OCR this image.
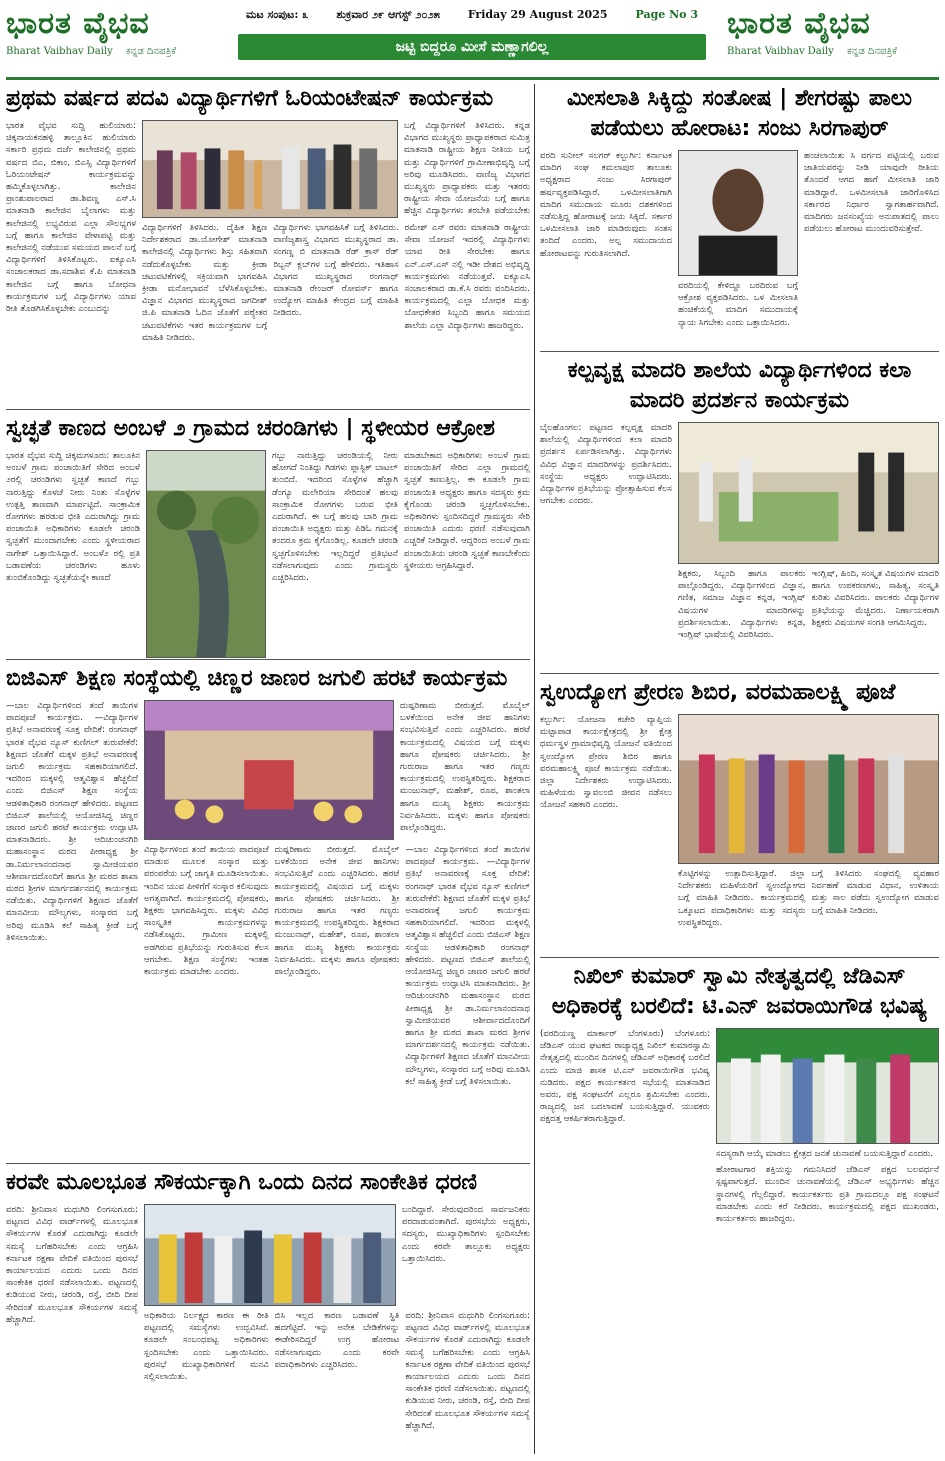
ಭಾರತ ವೈಭವ
Bharat Vaibhav Daily ಕನ್ನಡ ದಿನಪತ್ರಿಕೆ
ಮಟ ಸಂಪುಟ: ೩	ಶುಕ್ರವಾರ ೨೯ ಆಗಸ್ಟ್ ೨೦೨೫	Friday 29 August 2025	Page No 3
ಜಟ್ಟಿ ಬಿದ್ದರೂ ಮೀಸೆ ಮಣ್ಣಾಗಲಿಲ್ಲ
ಭಾರತ ವೈಭವ
Bharat Vaibhav Daily ಕನ್ನಡ ದಿನಪತ್ರಿಕೆ
ಪ್ರಥಮ ವರ್ಷದ ಪದವಿ ವಿದ್ಯಾರ್ಥಿಗಳಿಗೆ ಓರಿಯಂಟೇಷನ್ ಕಾರ್ಯಕ್ರಮ
ಭಾರತ ವೈಭವ ಸುದ್ದಿ ಹುಲಿಯಾರು: ಚಿಕ್ಕನಾಯಕನಹಳ್ಳಿ ತಾಲ್ಲೂಕಿನ ಹುಲಿಯಾರು ಸರ್ಕಾರಿ ಪ್ರಥಮ ದರ್ಜೆ ಕಾಲೇಜಿನಲ್ಲಿ ಪ್ರಥಮ ವರ್ಷದ ಬಿಎ, ಬಿಕಾಂ, ಬಿಎಸ್ಸಿ ವಿದ್ಯಾರ್ಥಿಗಳಿಗೆ ಓರಿಯಂಟೇಷನ್ ಕಾರ್ಯಕ್ರಮವನ್ನು ಹಮ್ಮಿಕೊಳ್ಳಲಾಗಿತ್ತು. ಕಾಲೇಜಿನ ಪ್ರಾಂಶುಪಾಲರಾದ ಡಾ.ಶಿವಣ್ಣ ಎಸ್.ಸಿ ಮಾತನಾಡಿ ಕಾಲೇಜಿನ ಬೈಲಾಗಳು ಮತ್ತು ಕಾಲೇಜಿನಲ್ಲಿ ಲಭ್ಯವಿರುವ ಎಲ್ಲಾ ಸೌಲಭ್ಯಗಳ ಬಗ್ಗೆ ಹಾಗೂ ಕಾಲೇಜಿನ ವೇಳಾಪಟ್ಟಿ ಮತ್ತು ಕಾಲೇಜಿನಲ್ಲಿ ನಡೆಯುವ ಸಮಯದ ಪಾಲನೆ ಬಗ್ಗೆ ವಿದ್ಯಾರ್ಥಿಗಳಿಗೆ ತಿಳಿಸಿಕೊಟ್ಟರು. ಐಕ್ಯೂಎಸಿ ಸಂಚಾಲಕರಾದ ಡಾ.ಸದಾಶಿವ ಕೆ.ಪಿ ಮಾತನಾಡಿ ಕಾಲೇಜಿನ ಬಗ್ಗೆ ಹಾಗೂ ಬೋಧನಾ ಕಾರ್ಯಕ್ರಮಗಳ ಬಗ್ಗೆ ವಿದ್ಯಾರ್ಥಿಗಳು ಯಾವ ರೀತಿ ತೊಡಗಿಸಿಕೊಳ್ಳಬೇಕು ಎಂಬುದನ್ನು
ಬಗ್ಗೆ ವಿದ್ಯಾರ್ಥಿಗಳಿಗೆ ತಿಳಿಸಿದರು. ಕನ್ನಡ ವಿಭಾಗದ ಮುಖ್ಯಸ್ಥರು ಪ್ರಾಧ್ಯಾಪಕರಾದ ಸುಮಿತ್ರ ಮಾತನಾಡಿ ರಾಷ್ಟ್ರೀಯ ಶಿಕ್ಷಣ ನೀತಿಯ ಬಗ್ಗೆ ಮತ್ತು ವಿದ್ಯಾರ್ಥಿಗಳಿಗೆ ಗ್ರಾಮೀಣಾಭಿವೃದ್ಧಿ ಬಗ್ಗೆ ಅರಿವು ಮೂಡಿಸಿದರು. ವಾಣಿಜ್ಯ ವಿಭಾಗದ ಮುಖ್ಯಸ್ಥರು ಪ್ರಾಧ್ಯಾಪಕರು ಮತ್ತು ಇತರರು ರಾಷ್ಟ್ರೀಯ ಸೇವಾ ಯೋಜನೆಯ ಬಗ್ಗೆ ಹಾಗೂ ಹೆಚ್ಚಿನ ವಿದ್ಯಾರ್ಥಿಗಳು ತರಬೇತಿ ಪಡೆಯಬೇಕು
ವಿದ್ಯಾರ್ಥಿಗಳಿಗೆ ತಿಳಿಸಿದರು. ದೈಹಿಕ ಶಿಕ್ಷಣ ನಿರ್ದೇಶಕರಾದ ಡಾ.ಯೋಗೇಶ್ ಮಾತನಾಡಿ ಕಾಲೇಜಿನಲ್ಲಿ ವಿದ್ಯಾರ್ಥಿಗಳು ಶಿಸ್ತು ಸಹಿತವಾಗಿ ನಡೆದುಕೊಳ್ಳಬೇಕು ಮತ್ತು ಕ್ರೀಡಾ ಚಟುವಟಿಕೆಗಳಲ್ಲಿ ಸಕ್ರಿಯವಾಗಿ ಭಾಗವಹಿಸಿ ಕ್ರೀಡಾ ಮನೋಭಾವನೆ ಬೆಳೆಸಿಕೊಳ್ಳಬೇಕು. ವಿಜ್ಞಾನ ವಿಭಾಗದ ಮುಖ್ಯಸ್ಥರಾದ ಜಗದೀಶ್ ಜಿ.ಪಿ ಮಾತನಾಡಿ ಓದಿನ ಜೊತೆಗೆ ಪಠ್ಯೇತರ ಚಟುವಟಿಕೆಗಳು ಇತರ ಕಾರ್ಯಕ್ರಮಗಳ ಬಗ್ಗೆ ಮಾಹಿತಿ ನೀಡಿದರು.
ವಿದ್ಯಾರ್ಥಿಗಳು ಭಾಗವಹಿಸಿಕೆ ಬಗ್ಗೆ ತಿಳಿಸಿದರು. ವಾಣಿಜ್ಯಶಾಸ್ತ್ರ ವಿಭಾಗದ ಮುಖ್ಯಸ್ಥರಾದ ಡಾ. ಸಂಗಣ್ಣ ಬಿ ಮಾತನಾಡಿ ರೆಡ್ ಕ್ರಾಸ್ ರೆಡ್ ರಿಬ್ಬನ್ ಕ್ಲಬ್‌ಗಳ ಬಗ್ಗೆ ಹೇಳಿದರು. ಇತಿಹಾಸ ವಿಭಾಗದ ಮುಖ್ಯಸ್ಥರಾದ ರಂಗನಾಥ್ ಮಾತನಾಡಿ ರೇಂಜರ್ ರೋವರ್ಸ್ ಹಾಗೂ ಉದ್ಯೋಗ ಮಾಹಿತಿ ಕೇಂದ್ರದ ಬಗ್ಗೆ ಮಾಹಿತಿ ನೀಡಿದರು.
ರಮೇಶ್ ಎಸ್ ರವರು ಮಾತನಾಡಿ ರಾಷ್ಟ್ರೀಯ ಸೇವಾ ಯೋಜನೆ ಇದರಲ್ಲಿ ವಿದ್ಯಾರ್ಥಿಗಳು ಯಾವ ರೀತಿ ಸೇರಬೇಕು ಹಾಗೂ ಎನ್.ಎಸ್.ಎಸ್ ನಲ್ಲಿ ಇಡೀ ದೇಶದ ಅಭಿವೃದ್ಧಿ ಕಾರ್ಯಕ್ರಮಗಳು ನಡೆಯುತ್ತವೆ. ಐಕ್ಯೂಎಸಿ ಸಂಚಾಲಕರಾದ ಡಾ.ಕೆ.ಸಿ ರವರು ವಂದಿಸಿದರು. ಕಾರ್ಯಕ್ರಮದಲ್ಲಿ ಎಲ್ಲಾ ಬೋಧಕ ಮತ್ತು ಬೋಧಕೇತರ ಸಿಬ್ಬಂದಿ ಹಾಗೂ ಸಮಯದ ಶಾಲೆಯ ಎಲ್ಲಾ ವಿದ್ಯಾರ್ಥಿಗಳು ಹಾಜರಿದ್ದರು.
ಸ್ವಚ್ಛತೆ ಕಾಣದ ಅಂಬಳೆ ೨ ಗ್ರಾಮದ ಚರಂಡಿಗಳು | ಸ್ಥಳೀಯರ ಆಕ್ರೋಶ
ಭಾರತ ವೈಭವ ಸುದ್ದಿ ಚಿಕ್ಕಮಗಳೂರು: ತಾಲೂಕಿನ ಅಂಬಳೆ ಗ್ರಾಮ ಪಂಚಾಯಿತಿಗೆ ಸೇರಿದ ಅಂಬಳೆ ೨ರಲ್ಲಿ ಚರಂಡಿಗಳು ಸ್ವಚ್ಛತೆ ಕಾಣದೆ ಗಬ್ಬು ನಾರುತ್ತಿದ್ದು ಕೊಳಚೆ ನೀರು ನಿಂತು ಸೊಳ್ಳೆಗಳ ಉತ್ಪತ್ತಿ ತಾಣವಾಗಿ ಮಾರ್ಪಟ್ಟಿದೆ. ಸಾಂಕ್ರಾಮಿಕ ರೋಗಗಳು ಹರಡುವ ಭೀತಿ ಎದುರಾಗಿದ್ದು ಗ್ರಾಮ ಪಂಚಾಯಿತಿ ಅಧಿಕಾರಿಗಳು ಕೂಡಲೇ ಚರಂಡಿ ಸ್ವಚ್ಛತೆಗೆ ಮುಂದಾಗಬೇಕು ಎಂದು ಸ್ಥಳೀಯರಾದ ನಾಗೇಶ್ ಒತ್ತಾಯಿಸಿದ್ದಾರೆ. ಅಂಬಳೆ೨ ರಲ್ಲಿ ಪ್ರತಿ ಬಡಾವಣೆಯ ಚರಂಡಿಗಳು ಹೂಳು ತುಂಬಿಕೊಂಡಿದ್ದು ಸ್ವಚ್ಛತೆಯನ್ನೇ ಕಾಣದೆ
ಗಬ್ಬು ನಾರುತ್ತಿದ್ದು ಚರಂಡಿಯಲ್ಲಿ ನೀರು ಹೋಗದೆ ನಿಂತಿದ್ದು ಗಿಡಗಳು ಪ್ಲಾಸ್ಟಿಕ್ ಬಾಟಲ್ ತುಂಬಿದೆ. ಇದರಿಂದ ಸೊಳ್ಳೆಗಳ ಹೆಚ್ಚಾಗಿ ಡೆಂಗ್ಯೂ ಮಲೇರಿಯಾ ಸೇರಿದಂತೆ ಹಲವು ಸಾಂಕ್ರಾಮಿಕ ರೋಗಗಳು ಬರುವ ಭೀತಿ ಎದುರಾಗಿದೆ. ಈ ಬಗ್ಗೆ ಹಲವು ಬಾರಿ ಗ್ರಾಮ ಪಂಚಾಯಿತಿ ಅಧ್ಯಕ್ಷರು ಮತ್ತು ಪಿಡಿಓ ಗಮನಕ್ಕೆ ತಂದರೂ ಕ್ರಮ ಕೈಗೊಂಡಿಲ್ಲ. ಕೂಡಲೇ ಚರಂಡಿ ಸ್ವಚ್ಛಗೊಳಿಸಬೇಕು ಇಲ್ಲದಿದ್ದರೆ ಪ್ರತಿಭಟನೆ ನಡೆಸಲಾಗುವುದು ಎಂದು ಗ್ರಾಮಸ್ಥರು ಎಚ್ಚರಿಸಿದರು.
ಮಾಡಬೇಕಾದ ಅಧಿಕಾರಿಗಳು ಅಂಬಳೆ ಗ್ರಾಮ ಪಂಚಾಯಿತಿಗೆ ಸೇರಿದ ಎಲ್ಲಾ ಗ್ರಾಮದಲ್ಲಿ ಸ್ವಚ್ಛತೆ ಕಾಣುತ್ತಿಲ್ಲ. ಈ ಕೂಡಲೇ ಗ್ರಾಮ ಪಂಚಾಯಿತಿ ಅಧ್ಯಕ್ಷರು ಹಾಗೂ ಸದಸ್ಯರು ಕ್ರಮ ಕೈಗೊಂಡು ಚರಂಡಿ ಸ್ವಚ್ಛಗೊಳಿಸಬೇಕು. ಅಧಿಕಾರಿಗಳು ಸ್ಪಂದಿಸದಿದ್ದರೆ ಗ್ರಾಮಸ್ಥರು ಸೇರಿ ಪಂಚಾಯಿತಿ ಎದುರು ಧರಣಿ ನಡೆಸುವುದಾಗಿ ಎಚ್ಚರಿಕೆ ನೀಡಿದ್ದಾರೆ. ಆದ್ದರಿಂದ ಅಂಬಳೆ ಗ್ರಾಮ ಪಂಚಾಯಿತಿಯ ಚರಂಡಿ ಸ್ವಚ್ಛತೆ ಕಾಣಬೇಕೆಂದು ಸ್ಥಳೀಯರು ಆಗ್ರಹಿಸಿದ್ದಾರೆ.
ಬಿಜಿಎಸ್ ಶಿಕ್ಷಣ ಸಂಸ್ಥೆಯಲ್ಲಿ ಚಿಣ್ಣರ ಜಾಣರ ಜಗುಲಿ ಹರಟೆ ಕಾರ್ಯಕ್ರಮ
—ಬಾಲ ವಿದ್ಯಾರ್ಥಿಗಳಿಂದ ತಂದೆ ತಾಯಿಗಳ ಪಾದಪೂಜೆ ಕಾರ್ಯಕ್ರಮ. —ವಿದ್ಯಾರ್ಥಿಗಳ ಪ್ರತಿಭೆ ಅನಾವರಣಕ್ಕೆ ಸೂಕ್ತ ವೇದಿಕೆ: ರಂಗನಾಥ್ ಭಾರತ ವೈಭವ ನ್ಯೂಸ್ ಕುಣಿಗಲ್ ತುರುವೇಕೆರೆ: ಶಿಕ್ಷಣದ ಜೊತೆಗೆ ಮಕ್ಕಳ ಪ್ರತಿಭೆ ಅನಾವರಣಕ್ಕೆ ಜಗುಲಿ ಕಾರ್ಯಕ್ರಮ ಸಹಕಾರಿಯಾಗಲಿದೆ. ಇದರಿಂದ ಮಕ್ಕಳಲ್ಲಿ ಆತ್ಮವಿಶ್ವಾಸ ಹೆಚ್ಚಲಿದೆ ಎಂದು ಬಿಜಿಎಸ್ ಶಿಕ್ಷಣ ಸಂಸ್ಥೆಯ ಆಡಳಿತಾಧಿಕಾರಿ ರಂಗನಾಥ್ ಹೇಳಿದರು. ಪಟ್ಟಣದ ಬಿಜಿಎಸ್ ಶಾಲೆಯಲ್ಲಿ ಆಯೋಜಿಸಿದ್ದ ಚಿಣ್ಣರ ಜಾಣರ ಜಗುಲಿ ಹರಟೆ ಕಾರ್ಯಕ್ರಮ ಉದ್ಘಾಟಿಸಿ ಮಾತನಾಡಿದರು. ಶ್ರೀ ಆದಿಚುಂಚನಗಿರಿ ಮಹಾಸಂಸ್ಥಾನ ಮಠದ ಪೀಠಾಧ್ಯಕ್ಷ ಶ್ರೀ ಡಾ.ನಿರ್ಮಲಾನಂದನಾಥ ಸ್ವಾಮೀಜಿಯವರ ಆಶೀರ್ವಾದದೊಂದಿಗೆ ಹಾಗೂ ಶ್ರೀ ಮಠದ ಶಾಖಾ ಮಠದ ಶ್ರೀಗಳ ಮಾರ್ಗದರ್ಶನದಲ್ಲಿ ಕಾರ್ಯಕ್ರಮ ನಡೆಯಿತು. ವಿದ್ಯಾರ್ಥಿಗಳಿಗೆ ಶಿಕ್ಷಣದ ಜೊತೆಗೆ ಮಾನವೀಯ ಮೌಲ್ಯಗಳು, ಸಂಸ್ಕಾರದ ಬಗ್ಗೆ ಅರಿವು ಮೂಡಿಸಿ ಕಲೆ ಸಾಹಿತ್ಯ ಕ್ರೀಡೆ ಬಗ್ಗೆ ತಿಳಿಸಲಾಯಿತು.
ದುಷ್ಪರಿಣಾಮ ಬೀರುತ್ತದೆ. ಮೊಬೈಲ್ ಬಳಕೆಯಿಂದ ಅನೇಕ ಜೀವ ಹಾನಿಗಳು ಸಂಭವಿಸುತ್ತಿವೆ ಎಂದು ಎಚ್ಚರಿಸಿದರು. ಹರಟೆ ಕಾರ್ಯಕ್ರಮದಲ್ಲಿ ವಿಷಯದ ಬಗ್ಗೆ ಮಕ್ಕಳು ಹಾಗೂ ಪೋಷಕರು ಚರ್ಚಿಸಿದರು. ಶ್ರೀ ಗುರುರಾಜ ಹಾಗೂ ಇತರ ಗಣ್ಯರು ಕಾರ್ಯಕ್ರಮದಲ್ಲಿ ಉಪಸ್ಥಿತರಿದ್ದರು. ಶಿಕ್ಷಕರಾದ ಮಂಜುನಾಥ್, ಮಹೇಶ್, ರೂಪ, ಶಾಂತಲಾ ಹಾಗೂ ಮುಖ್ಯ ಶಿಕ್ಷಕರು ಕಾರ್ಯಕ್ರಮ ನಿರ್ವಹಿಸಿದರು. ಮಕ್ಕಳು ಹಾಗೂ ಪೋಷಕರು ಪಾಲ್ಗೊಂಡಿದ್ದರು.
ವಿದ್ಯಾರ್ಥಿಗಳಿಂದ ತಂದೆ ತಾಯಿಯ ಪಾದಪೂಜೆ ಮಾಡುವ ಮೂಲಕ ಸಂಸ್ಕಾರ ಮತ್ತು ಪರಂಪರೆಯ ಬಗ್ಗೆ ಜಾಗೃತಿ ಮೂಡಿಸಲಾಯಿತು. ಇಂದಿನ ಯುವ ಪೀಳಿಗೆಗೆ ಸಂಸ್ಕಾರ ಕಲಿಸುವುದು ಅಗತ್ಯವಾಗಿದೆ. ಕಾರ್ಯಕ್ರಮದಲ್ಲಿ ಪೋಷಕರು, ಶಿಕ್ಷಕರು ಭಾಗವಹಿಸಿದ್ದರು. ಮಕ್ಕಳು ವಿವಿಧ ಸಾಂಸ್ಕೃತಿಕ ಕಾರ್ಯಕ್ರಮಗಳನ್ನು ನಡೆಸಿಕೊಟ್ಟರು. ಗ್ರಾಮೀಣ ಮಕ್ಕಳಲ್ಲಿ ಅಡಗಿರುವ ಪ್ರತಿಭೆಯನ್ನು ಗುರುತಿಸುವ ಕೆಲಸ ಆಗಬೇಕು. ಶಿಕ್ಷಣ ಸಂಸ್ಥೆಗಳು ಇಂತಹ ಕಾರ್ಯಕ್ರಮ ಮಾಡಬೇಕು ಎಂದರು.
ದುಷ್ಪರಿಣಾಮ ಬೀರುತ್ತದೆ. ಮೊಬೈಲ್ ಬಳಕೆಯಿಂದ ಅನೇಕ ಜೀವ ಹಾನಿಗಳು ಸಂಭವಿಸುತ್ತಿವೆ ಎಂದು ಎಚ್ಚರಿಸಿದರು. ಹರಟೆ ಕಾರ್ಯಕ್ರಮದಲ್ಲಿ ವಿಷಯದ ಬಗ್ಗೆ ಮಕ್ಕಳು ಹಾಗೂ ಪೋಷಕರು ಚರ್ಚಿಸಿದರು. ಶ್ರೀ ಗುರುರಾಜ ಹಾಗೂ ಇತರ ಗಣ್ಯರು ಕಾರ್ಯಕ್ರಮದಲ್ಲಿ ಉಪಸ್ಥಿತರಿದ್ದರು. ಶಿಕ್ಷಕರಾದ ಮಂಜುನಾಥ್, ಮಹೇಶ್, ರೂಪ, ಶಾಂತಲಾ ಹಾಗೂ ಮುಖ್ಯ ಶಿಕ್ಷಕರು ಕಾರ್ಯಕ್ರಮ ನಿರ್ವಹಿಸಿದರು. ಮಕ್ಕಳು ಹಾಗೂ ಪೋಷಕರು ಪಾಲ್ಗೊಂಡಿದ್ದರು.
—ಬಾಲ ವಿದ್ಯಾರ್ಥಿಗಳಿಂದ ತಂದೆ ತಾಯಿಗಳ ಪಾದಪೂಜೆ ಕಾರ್ಯಕ್ರಮ. —ವಿದ್ಯಾರ್ಥಿಗಳ ಪ್ರತಿಭೆ ಅನಾವರಣಕ್ಕೆ ಸೂಕ್ತ ವೇದಿಕೆ: ರಂಗನಾಥ್ ಭಾರತ ವೈಭವ ನ್ಯೂಸ್ ಕುಣಿಗಲ್ ತುರುವೇಕೆರೆ: ಶಿಕ್ಷಣದ ಜೊತೆಗೆ ಮಕ್ಕಳ ಪ್ರತಿಭೆ ಅನಾವರಣಕ್ಕೆ ಜಗುಲಿ ಕಾರ್ಯಕ್ರಮ ಸಹಕಾರಿಯಾಗಲಿದೆ. ಇದರಿಂದ ಮಕ್ಕಳಲ್ಲಿ ಆತ್ಮವಿಶ್ವಾಸ ಹೆಚ್ಚಲಿದೆ ಎಂದು ಬಿಜಿಎಸ್ ಶಿಕ್ಷಣ ಸಂಸ್ಥೆಯ ಆಡಳಿತಾಧಿಕಾರಿ ರಂಗನಾಥ್ ಹೇಳಿದರು. ಪಟ್ಟಣದ ಬಿಜಿಎಸ್ ಶಾಲೆಯಲ್ಲಿ ಆಯೋಜಿಸಿದ್ದ ಚಿಣ್ಣರ ಜಾಣರ ಜಗುಲಿ ಹರಟೆ ಕಾರ್ಯಕ್ರಮ ಉದ್ಘಾಟಿಸಿ ಮಾತನಾಡಿದರು. ಶ್ರೀ ಆದಿಚುಂಚನಗಿರಿ ಮಹಾಸಂಸ್ಥಾನ ಮಠದ ಪೀಠಾಧ್ಯಕ್ಷ ಶ್ರೀ ಡಾ.ನಿರ್ಮಲಾನಂದನಾಥ ಸ್ವಾಮೀಜಿಯವರ ಆಶೀರ್ವಾದದೊಂದಿಗೆ ಹಾಗೂ ಶ್ರೀ ಮಠದ ಶಾಖಾ ಮಠದ ಶ್ರೀಗಳ ಮಾರ್ಗದರ್ಶನದಲ್ಲಿ ಕಾರ್ಯಕ್ರಮ ನಡೆಯಿತು. ವಿದ್ಯಾರ್ಥಿಗಳಿಗೆ ಶಿಕ್ಷಣದ ಜೊತೆಗೆ ಮಾನವೀಯ ಮೌಲ್ಯಗಳು, ಸಂಸ್ಕಾರದ ಬಗ್ಗೆ ಅರಿವು ಮೂಡಿಸಿ ಕಲೆ ಸಾಹಿತ್ಯ ಕ್ರೀಡೆ ಬಗ್ಗೆ ತಿಳಿಸಲಾಯಿತು.
ಕರವೇ ಮೂಲಭೂತ ಸೌಕರ್ಯಕ್ಕಾಗಿ ಒಂದು ದಿನದ ಸಾಂಕೇತಿಕ ಧರಣಿ
ವರದಿ: ಶ್ರೀನಿವಾಸ ಮಧುಗಿರಿ ಲಿಂಗಸುಗೂರು: ಪಟ್ಟಣದ ವಿವಿಧ ವಾರ್ಡ್‌ಗಳಲ್ಲಿ ಮೂಲಭೂತ ಸೌಕರ್ಯಗಳ ಕೊರತೆ ಎದುರಾಗಿದ್ದು ಕೂಡಲೇ ಸಮಸ್ಯೆ ಬಗೆಹರಿಸಬೇಕು ಎಂದು ಆಗ್ರಹಿಸಿ ಕರ್ನಾಟಕ ರಕ್ಷಣಾ ವೇದಿಕೆ ವತಿಯಿಂದ ಪುರಸಭೆ ಕಾರ್ಯಾಲಯದ ಎದುರು ಒಂದು ದಿನದ ಸಾಂಕೇತಿಕ ಧರಣಿ ನಡೆಸಲಾಯಿತು. ಪಟ್ಟಣದಲ್ಲಿ ಕುಡಿಯುವ ನೀರು, ಚರಂಡಿ, ರಸ್ತೆ, ಬೀದಿ ದೀಪ ಸೇರಿದಂತೆ ಮೂಲಭೂತ ಸೌಕರ್ಯಗಳ ಸಮಸ್ಯೆ ಹೆಚ್ಚಾಗಿದೆ.
ಬಂದಿದ್ದಾರೆ. ಸೇರುವುದರಿಂದ ಸಾರ್ವಜನಿಕರು ಪರದಾಡುವಂತಾಗಿದೆ. ಪುರಸಭೆಯ ಅಧ್ಯಕ್ಷರು, ಸದಸ್ಯರು, ಮುಖ್ಯಾಧಿಕಾರಿಗಳು ಸ್ಪಂದಿಸಬೇಕು ಎಂದು ಕರವೇ ತಾಲ್ಲೂಕು ಅಧ್ಯಕ್ಷರು ಒತ್ತಾಯಿಸಿದರು.
ಅಧಿಕಾರಿಯ ನಿರ್ಲಕ್ಷ್ಯದ ಕಾರಣ ಈ ರೀತಿ ಪಟ್ಟಣದಲ್ಲಿ ಸಮಸ್ಯೆಗಳು ಉದ್ಭವಿಸಿವೆ. ಕೂಡಲೇ ಸಂಬಂಧಪಟ್ಟ ಅಧಿಕಾರಿಗಳು ಸ್ಪಂದಿಸಬೇಕು ಎಂದು ಒತ್ತಾಯಿಸಿದರು. ಪುರಸಭೆ ಮುಖ್ಯಾಧಿಕಾರಿಗಳಿಗೆ ಮನವಿ ಸಲ್ಲಿಸಲಾಯಿತು.
ಬಿಸಿ ಇಲ್ಲದ ಕಾರಣ ಬಡಾವಣೆ ಸ್ಥಿತಿ ಹದಗೆಟ್ಟಿದೆ. ಇನ್ನು ಅನೇಕ ಬೇಡಿಕೆಗಳನ್ನು ಈಡೇರಿಸದಿದ್ದರೆ ಉಗ್ರ ಹೋರಾಟ ನಡೆಸಲಾಗುವುದು ಎಂದು ಕರವೇ ಪದಾಧಿಕಾರಿಗಳು ಎಚ್ಚರಿಸಿದರು.
ವರದಿ: ಶ್ರೀನಿವಾಸ ಮಧುಗಿರಿ ಲಿಂಗಸುಗೂರು: ಪಟ್ಟಣದ ವಿವಿಧ ವಾರ್ಡ್‌ಗಳಲ್ಲಿ ಮೂಲಭೂತ ಸೌಕರ್ಯಗಳ ಕೊರತೆ ಎದುರಾಗಿದ್ದು ಕೂಡಲೇ ಸಮಸ್ಯೆ ಬಗೆಹರಿಸಬೇಕು ಎಂದು ಆಗ್ರಹಿಸಿ ಕರ್ನಾಟಕ ರಕ್ಷಣಾ ವೇದಿಕೆ ವತಿಯಿಂದ ಪುರಸಭೆ ಕಾರ್ಯಾಲಯದ ಎದುರು ಒಂದು ದಿನದ ಸಾಂಕೇತಿಕ ಧರಣಿ ನಡೆಸಲಾಯಿತು. ಪಟ್ಟಣದಲ್ಲಿ ಕುಡಿಯುವ ನೀರು, ಚರಂಡಿ, ರಸ್ತೆ, ಬೀದಿ ದೀಪ ಸೇರಿದಂತೆ ಮೂಲಭೂತ ಸೌಕರ್ಯಗಳ ಸಮಸ್ಯೆ ಹೆಚ್ಚಾಗಿದೆ.
ಮೀಸಲಾತಿ ಸಿಕ್ಕಿದ್ದು ಸಂತೋಷ | ಶೇಗರಷ್ಟು ಪಾಲು ಪಡೆಯಲು ಹೋರಾಟ: ಸಂಜು ಸಿರಗಾಪುರ್
ವರದಿ ಸುನೀಲ್ ಸಲಗರ್ ಕಲ್ಬುರ್ಗಿ: ಕರ್ನಾಟಕ ಮಾದಿಗ ಸಂಘ ಕಮಲಾಪುರ ತಾಲೂಕು ಅಧ್ಯಕ್ಷರಾದ ಸಂಜು ಸಿರಗಾಪುರ್ ಹರ್ಷವ್ಯಕ್ತಪಡಿಸಿದ್ದಾರೆ. ಒಳಮೀಸಲಾತಿಗಾಗಿ ಮಾದಿಗ ಸಮುದಾಯ ಮೂರು ದಶಕಗಳಿಂದ ನಡೆಸುತ್ತಿದ್ದ ಹೋರಾಟಕ್ಕೆ ಜಯ ಸಿಕ್ಕಿದೆ. ಸರ್ಕಾರ ಒಳಮೀಸಲಾತಿ ಜಾರಿ ಮಾಡಿರುವುದು ಸಂತಸ ತಂದಿದೆ ಎಂದರು. ಅಲ್ಪ ಸಮುದಾಯದ ಹೋರಾಟವನ್ನು ಗುರುತಿಸಲಾಗಿದೆ.
ವರದಿಯಲ್ಲಿ ಕೇಳಿದ್ದೂ ಬರದಿರುವ ಬಗ್ಗೆ ಆಕ್ರೋಶ ವ್ಯಕ್ತಪಡಿಸಿದರು. ಒಳ ಮೀಸಲಾತಿ ಹಂಚಿಕೆಯಲ್ಲಿ ಮಾದಿಗ ಸಮುದಾಯಕ್ಕೆ ನ್ಯಾಯ ಸಿಗಬೇಕು ಎಂದು ಒತ್ತಾಯಿಸಿದರು.
ಹಂಚಲಾಯಿತು ಸಿ ವರ್ಗದ ಪಟ್ಟಿಯಲ್ಲಿ ಬರುವ ಜಾತಿಯವರನ್ನು ನೀಡಿ ಯಾವುದೇ ರೀತಿಯ ತೊಂದರೆ ಆಗದ ಹಾಗೆ ಮೀಸಲಾತಿ ಜಾರಿ ಮಾಡಿದ್ದಾರೆ. ಒಳಮೀಸಲಾತಿ ಜಾರಿಗೊಳಿಸಿದ ಸರ್ಕಾರದ ನಿರ್ಧಾರ ಸ್ವಾಗತಾರ್ಹವಾಗಿದೆ. ಮಾದಿಗರು ಜನಸಂಖ್ಯೆಯ ಅನುಪಾತದಲ್ಲಿ ಪಾಲು ಪಡೆಯಲು ಹೋರಾಟ ಮುಂದುವರಿಸುತ್ತೇವೆ.
ಕಲ್ಪವೃಕ್ಷ ಮಾದರಿ ಶಾಲೆಯ ವಿದ್ಯಾರ್ಥಿಗಳಿಂದ ಕಲಾ ಮಾದರಿ ಪ್ರದರ್ಶನ ಕಾರ್ಯಕ್ರಮ
ಬೈಲಹೊಂಗಲ: ಪಟ್ಟಣದ ಕಲ್ಪವೃಕ್ಷ ಮಾದರಿ ಶಾಲೆಯಲ್ಲಿ ವಿದ್ಯಾರ್ಥಿಗಳಿಂದ ಕಲಾ ಮಾದರಿ ಪ್ರದರ್ಶನ ಏರ್ಪಡಿಸಲಾಗಿತ್ತು. ವಿದ್ಯಾರ್ಥಿಗಳು ವಿವಿಧ ವಿಜ್ಞಾನ ಮಾದರಿಗಳನ್ನು ಪ್ರದರ್ಶಿಸಿದರು. ಸಂಸ್ಥೆಯ ಅಧ್ಯಕ್ಷರು ಉದ್ಘಾಟಿಸಿದರು. ವಿದ್ಯಾರ್ಥಿಗಳ ಪ್ರತಿಭೆಯನ್ನು ಪ್ರೋತ್ಸಾಹಿಸುವ ಕೆಲಸ ಆಗಬೇಕು ಎಂದರು.
ಶಿಕ್ಷಕರು, ಸಿಬ್ಬಂದಿ ಹಾಗೂ ಪಾಲಕರು ಪಾಲ್ಗೊಂಡಿದ್ದರು. ವಿದ್ಯಾರ್ಥಿಗಳಿಂದ ವಿಜ್ಞಾನ, ಗಣಿತ, ಸಮಾಜ ವಿಜ್ಞಾನ ಕನ್ನಡ, ಇಂಗ್ಲಿಷ್ ವಿಷಯಗಳ ಮಾದರಿಗಳನ್ನು ಪ್ರದರ್ಶಿಸಲಾಯಿತು. ವಿದ್ಯಾರ್ಥಿಗಳು ಕನ್ನಡ, ಇಂಗ್ಲಿಷ್ ಭಾಷೆಯಲ್ಲಿ ವಿವರಿಸಿದರು.
ಇಂಗ್ಲಿಷ್, ಹಿಂದಿ, ಸಂಸ್ಕೃತ ವಿಷಯಗಳ ಮಾದರಿ ಹಾಗೂ ಉಪಕರಣಗಳು, ಸಾಹಿತ್ಯ, ಸಂಸ್ಕೃತಿ ಕುರಿತು ವಿವರಿಸಿದರು. ಪಾಲಕರು ವಿದ್ಯಾರ್ಥಿಗಳ ಪ್ರತಿಭೆಯನ್ನು ಮೆಚ್ಚಿದರು. ನಿರ್ಣಾಯಕರಾಗಿ ಶಿಕ್ಷಕರು ವಿಷಯಗಳ ಸಂಗತಿ ಆಗಮಿಸಿದ್ದರು.
ಸ್ವಉದ್ಯೋಗ ಪ್ರೇರಣ ಶಿಬಿರ, ವರಮಹಾಲಕ್ಷ್ಮಿ ಪೂಜೆ
ಕಲ್ಬುರ್ಗಿ: ಯೋಜನಾ ಕಚೇರಿ ವ್ಯಾಪ್ತಿಯ ಮಟ್ಟಾಪಾಡ ಕಾರ್ಯಕ್ಷೇತ್ರದಲ್ಲಿ ಶ್ರೀ ಕ್ಷೇತ್ರ ಧರ್ಮಸ್ಥಳ ಗ್ರಾಮಾಭಿವೃದ್ಧಿ ಯೋಜನೆ ವತಿಯಿಂದ ಸ್ವಉದ್ಯೋಗ ಪ್ರೇರಣ ಶಿಬಿರ ಹಾಗೂ ವರಮಹಾಲಕ್ಷ್ಮಿ ಪೂಜೆ ಕಾರ್ಯಕ್ರಮ ನಡೆಯಿತು. ಜಿಲ್ಲಾ ನಿರ್ದೇಶಕರು ಉದ್ಘಾಟಿಸಿದರು. ಮಹಿಳೆಯರು ಸ್ವಾವಲಂಬಿ ಜೀವನ ನಡೆಸಲು ಯೋಜನೆ ಸಹಕಾರಿ ಎಂದರು.
ಕೊಟ್ಟಿಗಳನ್ನು ಉತ್ಪಾದಿಸುತ್ತಿದ್ದಾರೆ. ಜಿಲ್ಲಾ ನಿರ್ದೇಶಕರು ಮಹಿಳೆಯರಿಗೆ ಸ್ವಉದ್ಯೋಗದ ಬಗ್ಗೆ ಮಾಹಿತಿ ನೀಡಿದರು. ಕಾರ್ಯಕ್ರಮದಲ್ಲಿ ಒಕ್ಕೂಟದ ಪದಾಧಿಕಾರಿಗಳು ಮತ್ತು ಸದಸ್ಯರು ಉಪಸ್ಥಿತರಿದ್ದರು.
ಬಗ್ಗೆ ತಿಳಿಸಿದರು ಸಂಘದಲ್ಲಿ ವ್ಯವಹಾರ ನಿರ್ವಹಣೆ ಮಾಡುವ ವಿಧಾನ, ಉಳಿತಾಯ ಮತ್ತು ಸಾಲ ಪಡೆದು ಸ್ವಉದ್ಯೋಗ ಮಾಡುವ ಬಗ್ಗೆ ಮಾಹಿತಿ ನೀಡಿದರು.
ನಿಖಿಲ್ ಕುಮಾರ್ ಸ್ವಾಮಿ ನೇತೃತ್ವದಲ್ಲಿ ಜೆಡಿಎಸ್ ಅಧಿಕಾರಕ್ಕೆ ಬರಲಿದೆ: ಟಿ.ಎನ್ ಜವರಾಯಿಗೌಡ ಭವಿಷ್ಯ
(ವರದಿಯಣ್ಣ ಮಾರ್ಕಾರ್ ಬೆಂಗಳೂರು) ಬೆಂಗಳೂರು: ಜೆಡಿಎಸ್ ಯುವ ಘಟಕದ ರಾಜ್ಯಾಧ್ಯಕ್ಷ ನಿಖಿಲ್ ಕುಮಾರಸ್ವಾಮಿ ನೇತೃತ್ವದಲ್ಲಿ ಮುಂದಿನ ದಿನಗಳಲ್ಲಿ ಜೆಡಿಎಸ್ ಅಧಿಕಾರಕ್ಕೆ ಬರಲಿದೆ ಎಂದು ಮಾಜಿ ಶಾಸಕ ಟಿ.ಎನ್ ಜವರಾಯಿಗೌಡ ಭವಿಷ್ಯ ನುಡಿದರು. ಪಕ್ಷದ ಕಾರ್ಯಕರ್ತರ ಸಭೆಯಲ್ಲಿ ಮಾತನಾಡಿದ ಅವರು, ಪಕ್ಷ ಸಂಘಟನೆಗೆ ಎಲ್ಲರೂ ಶ್ರಮಿಸಬೇಕು ಎಂದರು. ರಾಜ್ಯದಲ್ಲಿ ಜನ ಬದಲಾವಣೆ ಬಯಸುತ್ತಿದ್ದಾರೆ. ಯುವಕರು ಪಕ್ಷದತ್ತ ಆಕರ್ಷಿತರಾಗುತ್ತಿದ್ದಾರೆ.
ಸದಸ್ಯರಾಗಿ ಆಯ್ಕೆ ಮಾಡಲು ಕ್ಷೇತ್ರದ ಜನತೆ ಚುನಾವಣೆ ಬಯಸುತ್ತಿದ್ದಾರೆ ಎಂದರು.
ಹೋರಾಟಗಾರ ಶಕ್ತಿಯನ್ನು ಗಮನಿಸಿದರೆ ಜೆಡಿಎಸ್ ಪಕ್ಷದ ಬಲವರ್ಧನೆ ಸ್ಪಷ್ಟವಾಗುತ್ತದೆ. ಮುಂದಿನ ಚುನಾವಣೆಯಲ್ಲಿ ಜೆಡಿಎಸ್ ಅಭ್ಯರ್ಥಿಗಳು ಹೆಚ್ಚಿನ ಸ್ಥಾನಗಳಲ್ಲಿ ಗೆಲ್ಲಲಿದ್ದಾರೆ. ಕಾರ್ಯಕರ್ತರು ಪ್ರತಿ ಗ್ರಾಮದಲ್ಲೂ ಪಕ್ಷ ಸಂಘಟನೆ ಮಾಡಬೇಕು ಎಂದು ಕರೆ ನೀಡಿದರು. ಕಾರ್ಯಕ್ರಮದಲ್ಲಿ ಪಕ್ಷದ ಮುಖಂಡರು, ಕಾರ್ಯಕರ್ತರು ಹಾಜರಿದ್ದರು.
